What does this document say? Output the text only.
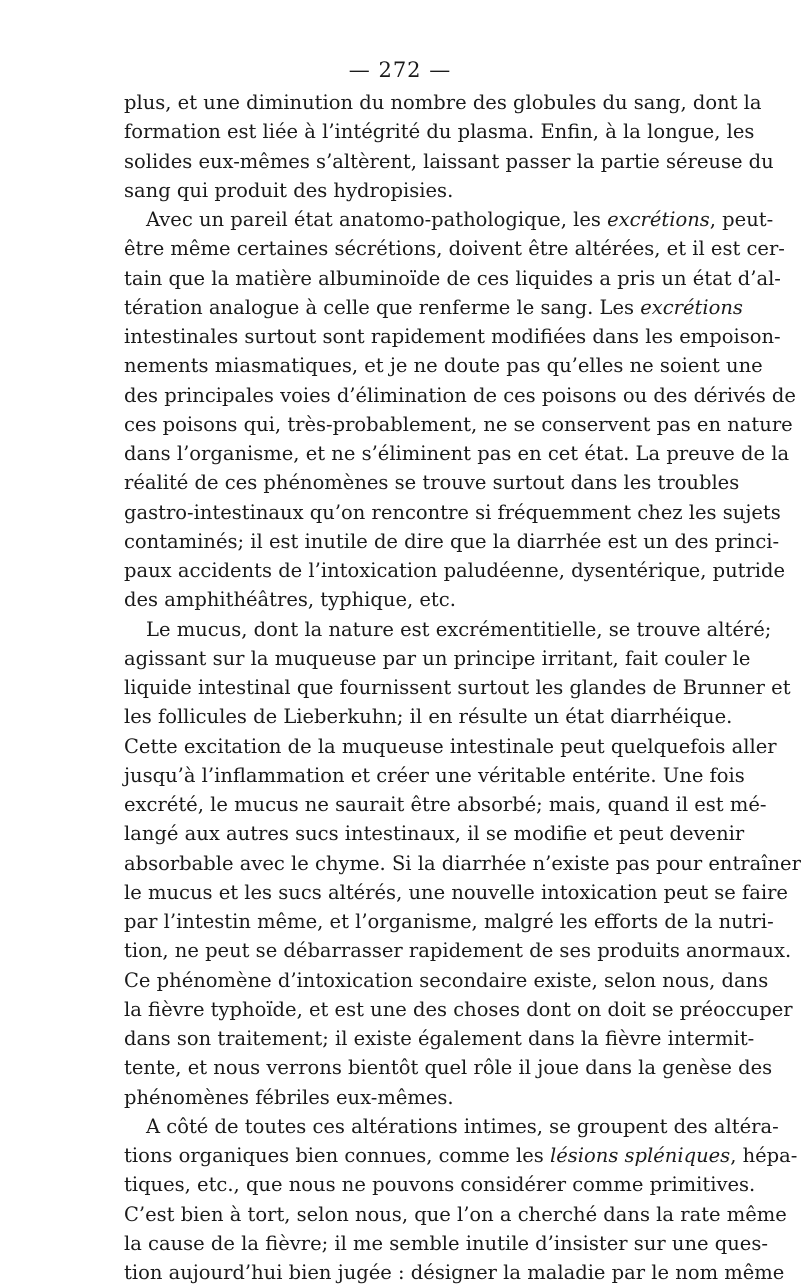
— 272 —
plus, et une diminution du nombre des globules du sang, dont la
formation est liée à l’intégrité du plasma. Enfin, à la longue, les
solides eux-mêmes s’altèrent, laissant passer la partie séreuse du
sang qui produit des hydropisies.
Avec un pareil état anatomo-pathologique, les excrétions, peut-
être même certaines sécrétions, doivent être altérées, et il est cer-
tain que la matière albuminoïde de ces liquides a pris un état d’al-
tération analogue à celle que renferme le sang. Les excrétions
intestinales surtout sont rapidement modifiées dans les empoison-
nements miasmatiques, et je ne doute pas qu’elles ne soient une
des principales voies d’élimination de ces poisons ou des dérivés de
ces poisons qui, très-probablement, ne se conservent pas en nature
dans l’organisme, et ne s’éliminent pas en cet état. La preuve de la
réalité de ces phénomènes se trouve surtout dans les troubles
gastro-intestinaux qu’on rencontre si fréquemment chez les sujets
contaminés; il est inutile de dire que la diarrhée est un des princi-
paux accidents de l’intoxication paludéenne, dysentérique, putride
des amphithéâtres, typhique, etc.
Le mucus, dont la nature est excrémentitielle, se trouve altéré;
agissant sur la muqueuse par un principe irritant, fait couler le
liquide intestinal que fournissent surtout les glandes de Brunner et
les follicules de Lieberkuhn; il en résulte un état diarrhéique.
Cette excitation de la muqueuse intestinale peut quelquefois aller
jusqu’à l’inflammation et créer une véritable entérite. Une fois
excrété, le mucus ne saurait être absorbé; mais, quand il est mé-
langé aux autres sucs intestinaux, il se modifie et peut devenir
absorbable avec le chyme. Si la diarrhée n’existe pas pour entraîner
le mucus et les sucs altérés, une nouvelle intoxication peut se faire
par l’intestin même, et l’organisme, malgré les efforts de la nutri-
tion, ne peut se débarrasser rapidement de ses produits anormaux.
Ce phénomène d’intoxication secondaire existe, selon nous, dans
la fièvre typhoïde, et est une des choses dont on doit se préoccuper
dans son traitement; il existe également dans la fièvre intermit-
tente, et nous verrons bientôt quel rôle il joue dans la genèse des
phénomènes fébriles eux-mêmes.
A côté de toutes ces altérations intimes, se groupent des altéra-
tions organiques bien connues, comme les lésions spléniques, hépa-
tiques, etc., que nous ne pouvons considérer comme primitives.
C’est bien à tort, selon nous, que l’on a cherché dans la rate même
la cause de la fièvre; il me semble inutile d’insister sur une ques-
tion aujourd’hui bien jugée : désigner la maladie par le nom même
